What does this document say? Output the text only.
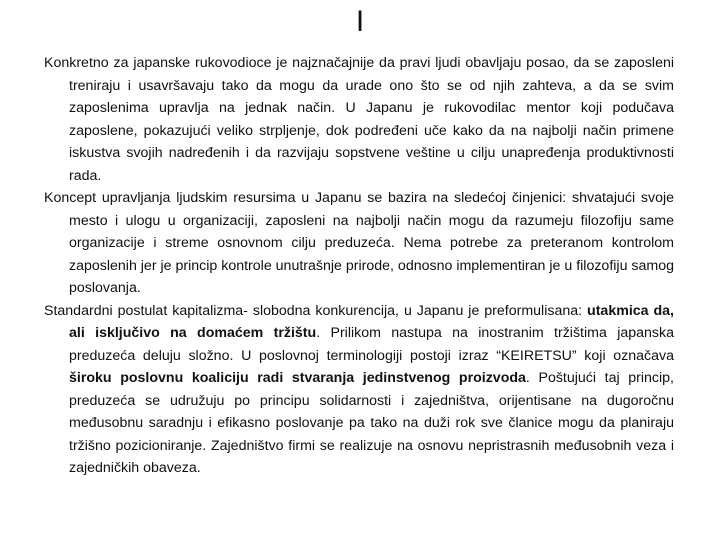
I

Konkretno za japanske rukovodioce je najznačajnije da pravi ljudi obavljaju posao, da se zaposleni treniraju i usavršavaju tako da mogu da urade ono što se od njih zahteva, a da se svim zaposlenima upravlja na jednak način. U Japanu je rukovodilac mentor koji podučava zaposlene, pokazujući veliko strpljenje, dok podređeni uče kako da na najbolji način primene iskustva svojih nadređenih i da razvijaju sopstvene veštine u cilju unapređenja produktivnosti rada.

Koncept upravljanja ljudskim resursima u Japanu se bazira na sledećoj činjenici: shvatajući svoje mesto i ulogu u organizaciji, zaposleni na najbolji način mogu da razumeju filozofiju same organizacije i streme osnovnom cilju preduzeća. Nema potrebe za preteranom kontrolom zaposlenih jer je princip kontrole unutrašnje prirode, odnosno implementiran je u filozofiju samog poslovanja.

Standardni postulat kapitalizma- slobodna konkurencija, u Japanu je preformulisana: utakmica da, ali isključivo na domaćem tržištu. Prilikom nastupa na inostranim tržištima japanska preduzeća deluju složno. U poslovnoj terminologiji postoji izraz “KEIRETSU” koji označava široku poslovnu koaliciju radi stvaranja jedinstvenog proizvoda. Poštujući taj princip, preduzeća se udružuju po principu solidarnosti i zajedništva, orijentisane na dugoročnu međusobnu saradnju i efikasno poslovanje pa tako na duži rok sve članice mogu da planiraju tržišno pozicioniranje. Zajedništvo firmi se realizuje na osnovu nepristrasnih međusobnih veza i zajedničkih obaveza.
